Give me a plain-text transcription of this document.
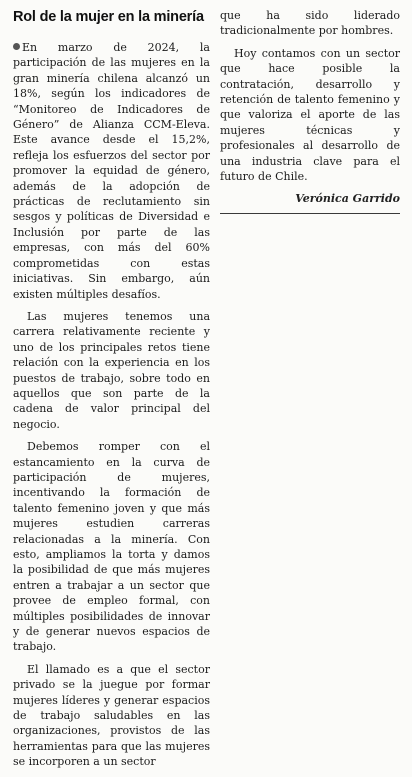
Rol de la mujer en la minería

En marzo de 2024, la participación de las mujeres en la gran minería chilena alcanzó un 18%, según los indicadores de “Monitoreo de Indicadores de Género” de Alianza CCM-Eleva. Este avance desde el 15,2%, refleja los esfuerzos del sector por promover la equidad de género, además de la adopción de prácticas de reclutamiento sin sesgos y políticas de Diversidad e Inclusión por parte de las empresas, con más del 60% comprometidas con estas iniciativas. Sin embargo, aún existen múltiples desafíos.

Las mujeres tenemos una carrera relativamente reciente y uno de los principales retos tiene relación con la experiencia en los puestos de trabajo, sobre todo en aquellos que son parte de la cadena de valor principal del negocio.

Debemos romper con el estancamiento en la curva de participación de mujeres, incentivando la formación de talento femenino joven y que más mujeres estudien carreras relacionadas a la minería. Con esto, ampliamos la torta y damos la posibilidad de que más mujeres entren a trabajar a un sector que provee de empleo formal, con múltiples posibilidades de innovar y de generar nuevos espacios de trabajo.

El llamado es a que el sector privado se la juegue por formar mujeres líderes y generar espacios de trabajo saludables en las organizaciones, provistos de las herramientas para que las mujeres se incorporen a un sector

que ha sido liderado tradicionalmente por hombres.

Hoy contamos con un sector que hace posible la contratación, desarrollo y retención de talento femenino y que valoriza el aporte de las mujeres técnicas y profesionales al desarrollo de una industria clave para el futuro de Chile.

Verónica Garrido
